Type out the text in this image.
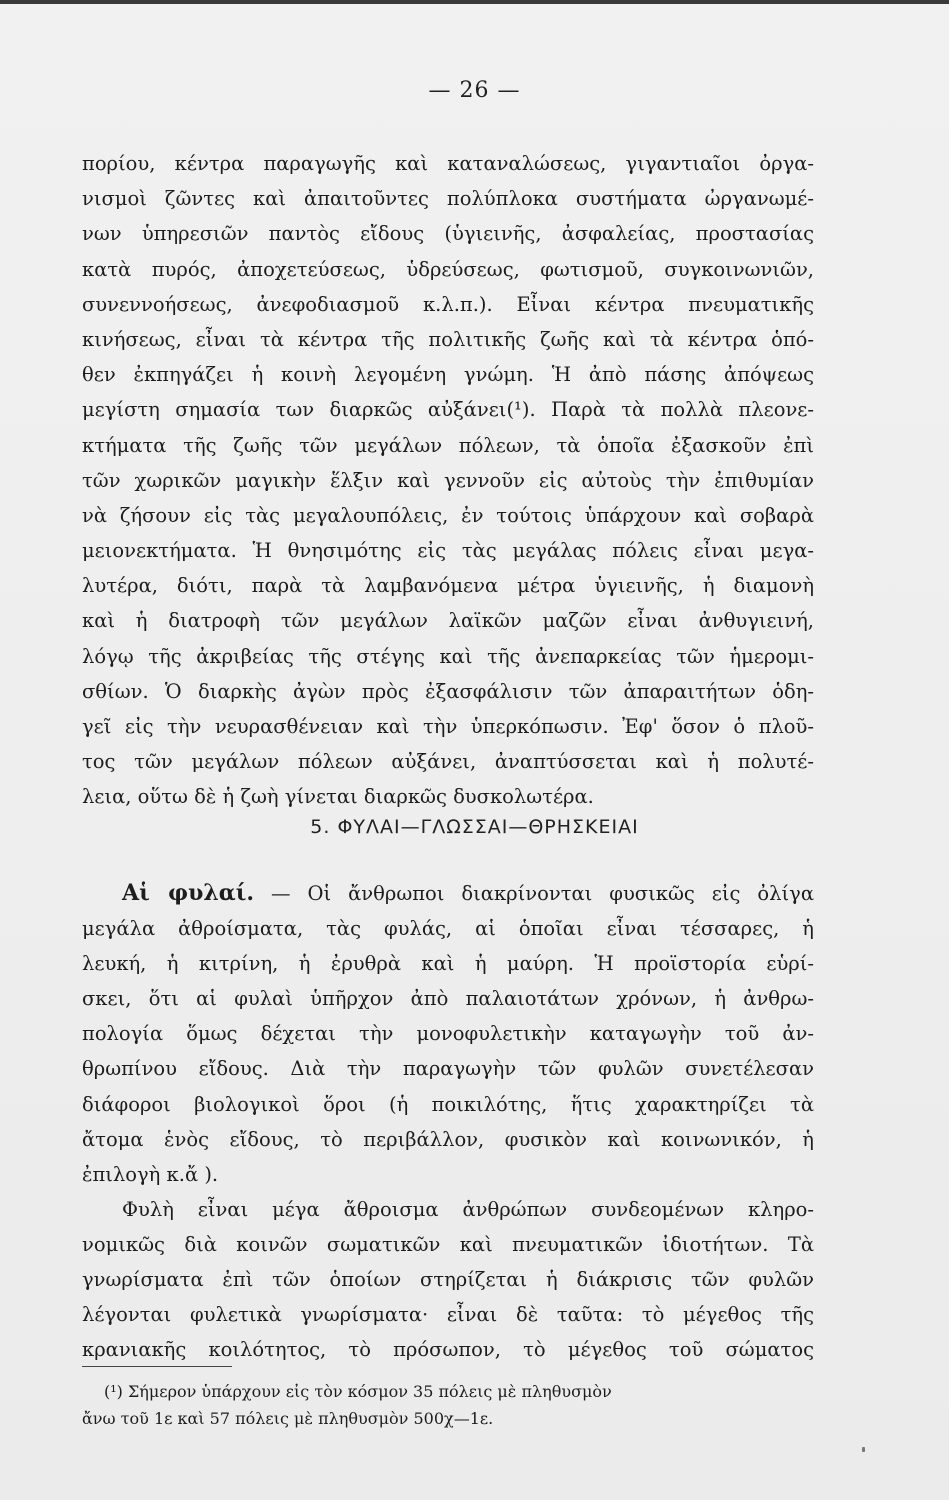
— 26 —
πορίου, κέντρα παραγωγῆς καὶ καταναλώσεως, γιγαντιαῖοι ὀργα-
νισμοὶ ζῶντες καὶ ἀπαιτοῦντες πολύπλοκα συστήματα ὠργανωμέ-
νων ὑπηρεσιῶν παντὸς εἴδους (ὑγιεινῆς, ἀσφαλείας, προστασίας
κατὰ πυρός, ἀποχετεύσεως, ὑδρεύσεως, φωτισμοῦ, συγκοινωνιῶν,
συνεννοήσεως, ἀνεφοδιασμοῦ κ.λ.π.). Εἶναι κέντρα πνευματικῆς
κινήσεως, εἶναι τὰ κέντρα τῆς πολιτικῆς ζωῆς καὶ τὰ κέντρα ὁπό-
θεν ἐκπηγάζει ἡ κοινὴ λεγομένη γνώμη. Ἡ ἀπὸ πάσης ἀπόψεως
μεγίστη σημασία των διαρκῶς αὐξάνει(¹). Παρὰ τὰ πολλὰ πλεονε-
κτήματα τῆς ζωῆς τῶν μεγάλων πόλεων, τὰ ὁποῖα ἐξασκοῦν ἐπὶ
τῶν χωρικῶν μαγικὴν ἕλξιν καὶ γεννοῦν εἰς αὐτοὺς τὴν ἐπιθυμίαν
νὰ ζήσουν εἰς τὰς μεγαλουπόλεις, ἐν τούτοις ὑπάρχουν καὶ σοβαρὰ
μειονεκτήματα. Ἡ θνησιμότης εἰς τὰς μεγάλας πόλεις εἶναι μεγα-
λυτέρα, διότι, παρὰ τὰ λαμβανόμενα μέτρα ὑγιεινῆς, ἡ διαμονὴ
καὶ ἡ διατροφὴ τῶν μεγάλων λαϊκῶν μαζῶν εἶναι ἀνθυγιεινή,
λόγῳ τῆς ἀκριβείας τῆς στέγης καὶ τῆς ἀνεπαρκείας τῶν ἡμερομι-
σθίων. Ὁ διαρκὴς ἀγὼν πρὸς ἐξασφάλισιν τῶν ἀπαραιτήτων ὁδη-
γεῖ εἰς τὴν νευρασθένειαν καὶ τὴν ὑπερκόπωσιν. Ἐφ' ὅσον ὁ πλοῦ-
τος τῶν μεγάλων πόλεων αὐξάνει, ἀναπτύσσεται καὶ ἡ πολυτέ-
λεια, οὕτω δὲ ἡ ζωὴ γίνεται διαρκῶς δυσκολωτέρα.
5. ΦΥΛΑΙ—ΓΛΩΣΣΑΙ—ΘΡΗΣΚΕΙΑΙ
Αἱ φυλαί. — Οἱ ἄνθρωποι διακρίνονται φυσικῶς εἰς ὀλίγα
μεγάλα ἀθροίσματα, τὰς φυλάς, αἱ ὁποῖαι εἶναι τέσσαρες, ἡ
λευκή, ἡ κιτρίνη, ἡ ἐρυθρὰ καὶ ἡ μαύρη. Ἡ προϊστορία εὑρί-
σκει, ὅτι αἱ φυλαὶ ὑπῆρχον ἀπὸ παλαιοτάτων χρόνων, ἡ ἀνθρω-
πολογία ὅμως δέχεται τὴν μονοφυλετικὴν καταγωγὴν τοῦ ἀν-
θρωπίνου εἴδους. Διὰ τὴν παραγωγὴν τῶν φυλῶν συνετέλεσαν
διάφοροι βιολογικοὶ ὅροι (ἡ ποικιλότης, ἥτις χαρακτηρίζει τὰ
ἄτομα ἑνὸς εἴδους, τὸ περιβάλλον, φυσικὸν καὶ κοινωνικόν, ἡ
ἐπιλογὴ κ.ἄ ).
Φυλὴ εἶναι μέγα ἄθροισμα ἀνθρώπων συνδεομένων κληρο-
νομικῶς διὰ κοινῶν σωματικῶν καὶ πνευματικῶν ἰδιοτήτων. Τὰ
γνωρίσματα ἐπὶ τῶν ὁποίων στηρίζεται ἡ διάκρισις τῶν φυλῶν
λέγονται φυλετικὰ γνωρίσματα· εἶναι δὲ ταῦτα: τὸ μέγεθος τῆς
κρανιακῆς κοιλότητος, τὸ πρόσωπον, τὸ μέγεθος τοῦ σώματος
(¹) Σήμερον ὑπάρχουν εἰς τὸν κόσμον 35 πόλεις μὲ πληθυσμὸν
ἄνω τοῦ 1ε καὶ 57 πόλεις μὲ πληθυσμὸν 500χ—1ε.
